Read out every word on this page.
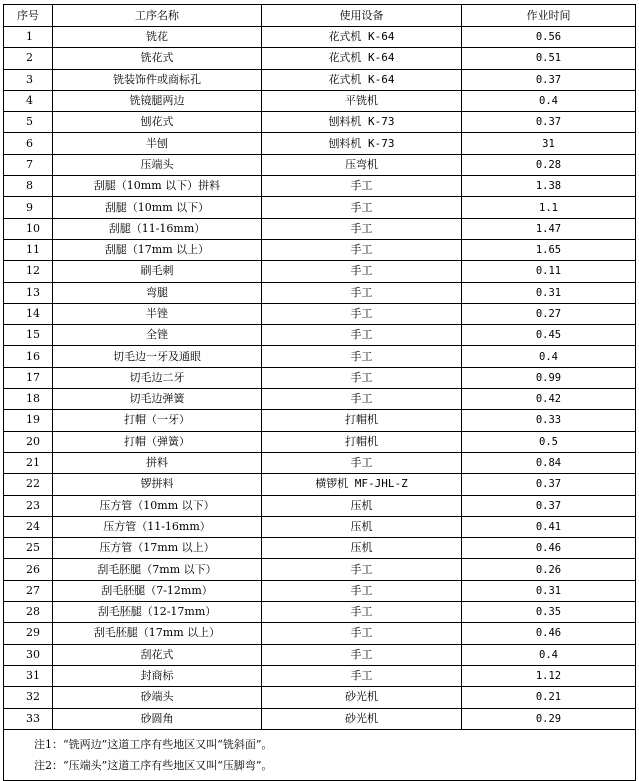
序号	工序名称	使用设备	作业时间
1	铣花	花式机 K-64	0.56
2	铣花式	花式机 K-64	0.51
3	铣装饰件或商标孔	花式机 K-64	0.37
4	铣镜腿两边	平铣机	0.4
5	刨花式	刨料机 K-73	0.37
6	半刨	刨料机 K-73	31
7	压端头	压弯机	0.28
8	刮腿（10mm 以下）拼料	手工	1.38
9	刮腿（10mm 以下）	手工	1.1
10	刮腿（11-16mm）	手工	1.47
11	刮腿（17mm 以上）	手工	1.65
12	刷毛刺	手工	0.11
13	弯腿	手工	0.31
14	半锉	手工	0.27
15	全锉	手工	0.45
16	切毛边一牙及通眼	手工	0.4
17	切毛边二牙	手工	0.99
18	切毛边弹簧	手工	0.42
19	打帽（一牙）	打帽机	0.33
20	打帽（弹簧）	打帽机	0.5
21	拼料	手工	0.84
22	锣拼料	横锣机 MF-JHL-Z	0.37
23	压方管（10mm 以下）	压机	0.37
24	压方管（11-16mm）	压机	0.41
25	压方管（17mm 以上）	压机	0.46
26	刮毛胚腿（7mm 以下）	手工	0.26
27	刮毛胚腿（7-12mm）	手工	0.31
28	刮毛胚腿（12-17mm）	手工	0.35
29	刮毛胚腿（17mm 以上）	手工	0.46
30	刮花式	手工	0.4
31	封商标	手工	1.12
32	砂端头	砂光机	0.21
33	砂圆角	砂光机	0.29

注1：“铣两边”这道工序有些地区又叫“铣斜面”。
注2：“压端头”这道工序有些地区又叫“压脚弯”。			
